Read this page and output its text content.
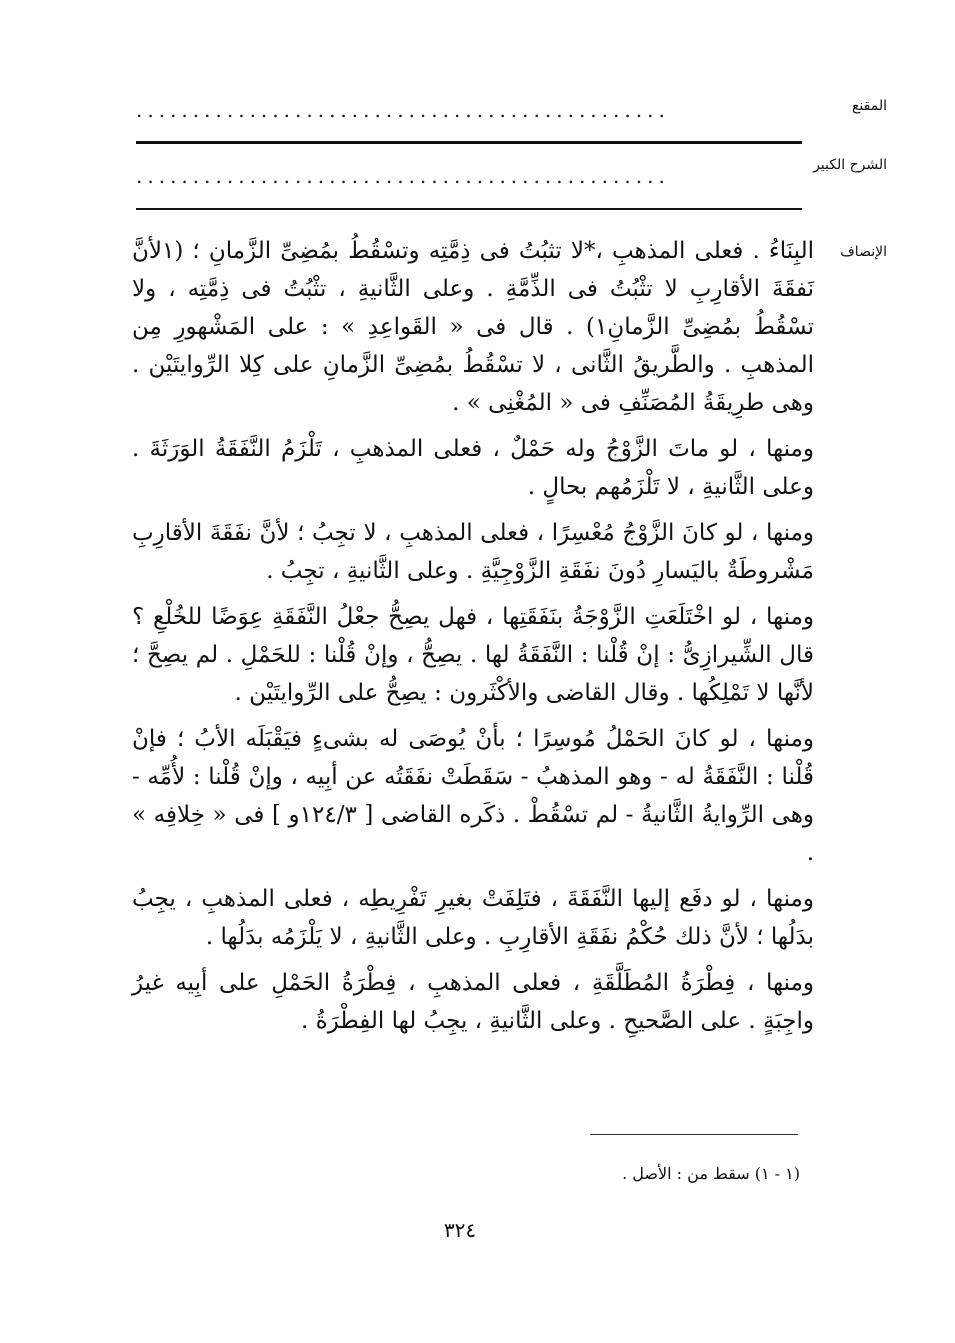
المقنع
...............................................
الشرح الكبير
...............................................
الإنصاف

البِنَاءُ . فعلى المذهبِ ،*لا تثبُتُ فى ذِمَّتِه وتسْقُطُ بمُضِىِّ الزَّمانِ ؛ (١لأنَّ نَفقَةَ الأقارِبِ لا تثْبُتُ فى الذِّمَّةِ . وعلى الثَّانيةِ ، تثْبُتُ فى ذِمَّتِه ، ولا تسْقُطُ بمُضِىِّ الزَّمانِ١) . قال فى « القَواعِدِ » : على المَشْهورِ مِن المذهبِ . والطَّريقُ الثَّانى ، لا تسْقُطُ بمُضِىِّ الزَّمانِ على كِلا الرِّوايتَيْن . وهى طرِيقَةُ المُصَنِّفِ فى « المُغْنِى » .

ومنها ، لو ماتَ الزَّوْجُ وله حَمْلٌ ، فعلى المذهبِ ، تَلْزَمُ النَّفَقَةُ الوَرَثَةَ . وعلى الثَّانيةِ ، لا تَلْزَمُهم بحالٍ .

ومنها ، لو كانَ الزَّوْجُ مُعْسِرًا ، فعلى المذهبِ ، لا تجِبُ ؛ لأنَّ نفَقَةَ الأقارِبِ مَشْروطَةٌ باليَسارِ دُونَ نفَقَةِ الزَّوْجِيَّةِ . وعلى الثَّانيةِ ، تجِبُ .

ومنها ، لو اخْتَلَعَتِ الزَّوْجَةُ بنَفَقَتِها ، فهل يصِحُّ جعْلُ النَّفَقَةِ عِوَضًا للخُلْعِ ؟ قال الشِّيرازِىُّ : إنْ قُلْنا : النَّفَقَةُ لها . يصِحُّ ، وإنْ قُلْنا : للحَمْلِ . لم يصِحَّ ؛ لأنَّها لا تَمْلِكُها . وقال القاضى والأكْثَرون : يصِحُّ على الرِّوايتَيْن .

ومنها ، لو كانَ الحَمْلُ مُوسِرًا ؛ بأنْ يُوصَى له بشىءٍ فيَقْبَلَه الأبُ ؛ فإنْ قُلْنا : النَّفَقَةُ له - وهو المذهبُ - سَقَطَتْ نفَقَتُه عن أبِيه ، وإنْ قُلْنا : لأُمِّه - وهى الرِّوايةُ الثَّانيةُ - لم تسْقُطْ . ذكَره القاضى [ ١٢٤/٣و ] فى « خِلافِه » .

ومنها ، لو دفَع إليها النَّفَقَةَ ، فتَلِفَتْ بغيرِ تَفْرِيطِه ، فعلى المذهبِ ، يجِبُ بدَلُها ؛ لأنَّ ذلك حُكْمُ نفَقَةِ الأقارِبِ . وعلى الثَّانيةِ ، لا يَلْزَمُه بدَلُها .

ومنها ، فِطْرَةُ المُطَلَّقَةِ ، فعلى المذهبِ ، فِطْرَةُ الحَمْلِ على أبِيه غيرُ واجِبَةٍ . على الصَّحيحِ . وعلى الثَّانيةِ ، يجِبُ لها الفِطْرَةُ .

(١ - ١) سقط من : الأصل .
٣٢٤
